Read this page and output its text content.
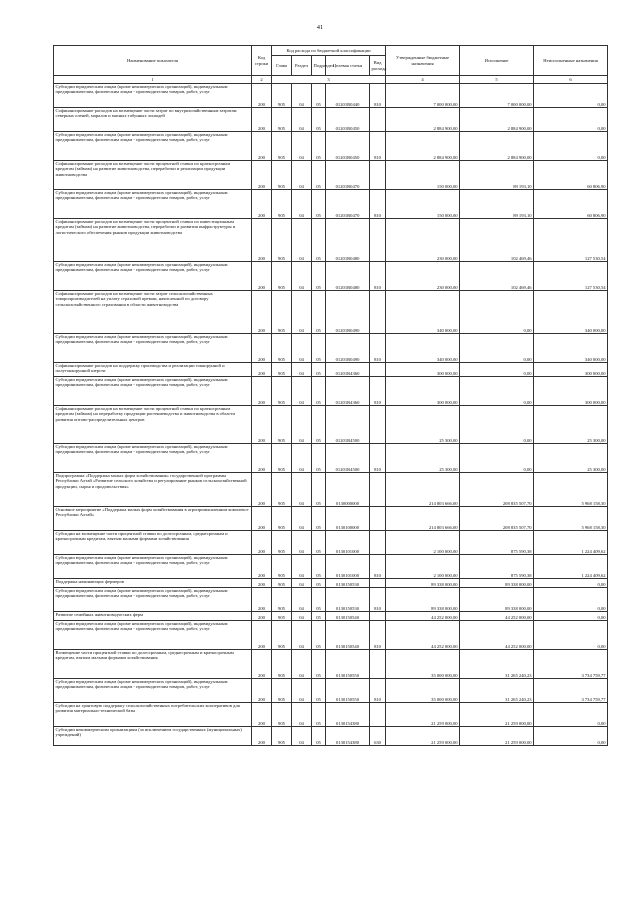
41
Наименование показателя	Код строки	Код расхода по бюджетной классификации					Утвержденные бюджетные назначения	Исполнение	Неисполненные назначения
		Глава	Раздел	Подраздел	Целевая статья	Вид расхода			
1	2	3					4	5	6
Субсидии юридическим лицам (кроме некоммерческих организаций), индивидуальным предпринимателям, физическим лицам - производителям товаров, работ, услуг	200	905	04	05	01201R0440	810	7 000 000,00	7 000 000,00	0,00
Софинансирование расходов на возмещение части затрат по внутрихозяйственным затратам северных оленей, маралов и мясных табунных лошадей	200	905	04	05	01201R0450		2 884 900,00	2 884 900,00	0,00
Субсидии юридическим лицам (кроме некоммерческих организаций), индивидуальным предпринимателям, физическим лицам - производителям товаров, работ, услуг	200	905	04	05	01201R0450	810	2 884 900,00	2 884 900,00	0,00
Софинансирование расходов на возмещение части процентной ставки по краткосрочным кредитам (займам) на развитие животноводства, переработки и реализации продукции животноводства	200	905	04	05	01201R0470		150 000,00	89 193,10	60 806,90
Субсидии юридическим лицам (кроме некоммерческих организаций), индивидуальным предпринимателям, физическим лицам - производителям товаров, работ, услуг	200	905	04	05	01201R0470	810	150 000,00	89 193,10	60 806,90
Софинансирование расходов на возмещение части процентной ставки по инвестиционным кредитам (займам) на развитие животноводства, переработки и развития инфраструктуры и логистического обеспечения рынков продукции животноводства	200	905	04	05	01201R0480		230 000,00	102 469,46	127 530,54
Субсидии юридическим лицам (кроме некоммерческих организаций), индивидуальным предпринимателям, физическим лицам - производителям товаров, работ, услуг	200	905	04	05	01201R0480	810	230 000,00	102 469,46	127 530,54
Софинансирование расходов на возмещение части затрат сельскохозяйственных товаропроизводителей на уплату страховой премии, начисленной по договору сельскохозяйственного страхования в области животноводства	200	905	04	05	01201R0490		340 000,00	0,00	340 000,00
Субсидии юридическим лицам (кроме некоммерческих организаций), индивидуальным предпринимателям, физическим лицам - производителям товаров, работ, услуг	200	905	04	05	01201R0490	810	340 000,00	0,00	340 000,00
Софинансирование расходов на поддержку производства и реализации тонкорунной и полутонкорунной шерсти	200	905	04	05	01201R4360		300 000,00	0,00	300 000,00
Субсидии юридическим лицам (кроме некоммерческих организаций), индивидуальным предпринимателям, физическим лицам - производителям товаров, работ, услуг	200	905	04	05	01201R4360	810	300 000,00	0,00	300 000,00
Софинансирование расходов на возмещение части процентной ставки по краткосрочным кредитам (займам) на переработку продукции растениеводства и животноводства в области развития оптово-распределительных центров	200	905	04	05	01201R4500		25 300,00	0,00	25 300,00
Субсидии юридическим лицам (кроме некоммерческих организаций), индивидуальным предпринимателям, физическим лицам - производителям товаров, работ, услуг	200	905	04	05	01201R4500	810	25 300,00	0,00	25 300,00
Подпрограмма «Поддержка малых форм хозяйствования» государственной программы Республики Алтай «Развитие сельского хозяйства и регулирование рынков сельскохозяйственной продукции, сырья и продовольствия»	200	905	04	05	0130000000		214 803 666,00	208 835 507,70	5 968 158,30
Основное мероприятие «Поддержка малых форм хозяйствования в агропромышленном комплексе Республики Алтай»	200	905	04	05	0130100000		214 803 666,00	208 835 507,70	5 968 158,30
Субсидии на возмещение части процентной ставки по долгосрочным, среднесрочным и краткосрочным кредитам, взятым малыми формами хозяйствования	200	905	04	05	0130101000		2 100 000,00	875 590,38	1 224 409,62
Субсидии юридическим лицам (кроме некоммерческих организаций), индивидуальным предпринимателям, физическим лицам - производителям товаров, работ, услуг	200	905	04	05	0130101000	810	2 100 000,00	875 590,38	1 224 409,62
Поддержка начинающих фермеров	200	905	04	05	0130150530		89 338 000,00	89 338 000,00	0,00
Субсидии юридическим лицам (кроме некоммерческих организаций), индивидуальным предпринимателям, физическим лицам - производителям товаров, работ, услуг	200	905	04	05	0130150530	810	89 338 000,00	89 338 000,00	0,00
Развитие семейных животноводческих ферм	200	905	04	05	0130150540		44 252 000,00	44 252 000,00	0,00
Субсидии юридическим лицам (кроме некоммерческих организаций), индивидуальным предпринимателям, физическим лицам - производителям товаров, работ, услуг	200	905	04	05	0130150540	810	44 252 000,00	44 252 000,00	0,00
Возмещение части процентной ставки по долгосрочным, среднесрочным и краткосрочным кредитам, взятым малыми формами хозяйствования	200	905	04	05	0130150550		35 000 000,00	31 265 240,23	3 734 759,77
Субсидии юридическим лицам (кроме некоммерческих организаций), индивидуальным предпринимателям, физическим лицам - производителям товаров, работ, услуг	200	905	04	05	0130150550	810	35 000 000,00	31 265 240,23	3 734 759,77
Субсидии на грантовую поддержку сельскохозяйственных потребительских кооперативов для развития материально-технической базы	200	905	04	05	0130154380		21 259 000,00	21 259 000,00	0,00
Субсидии некоммерческим организациям (за исключением государственных (муниципальных) учреждений)	200	905	04	05	0130154380	630	21 259 000,00	21 259 000,00	0,00
